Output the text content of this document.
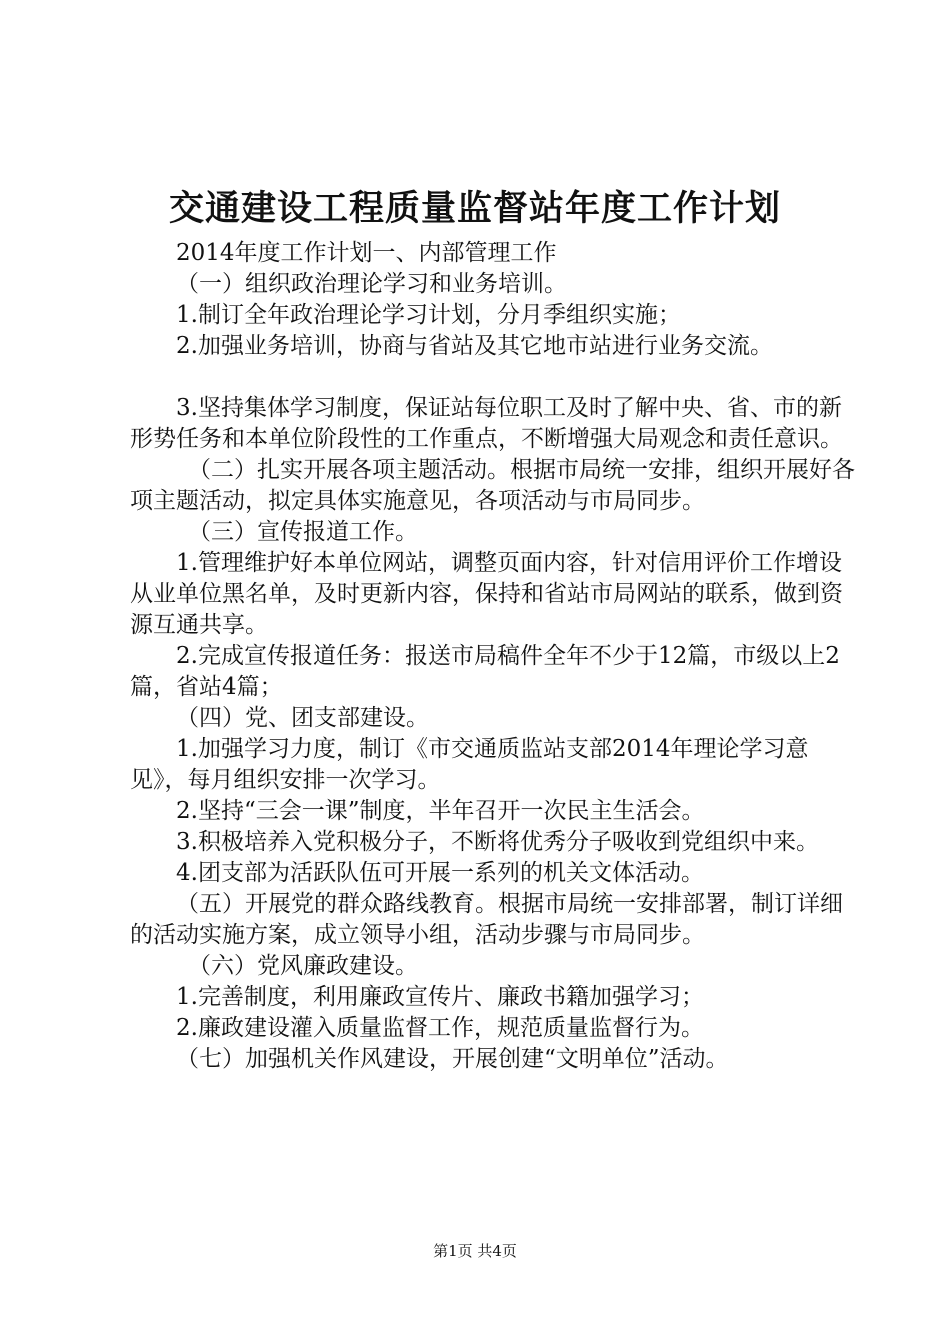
交通建设工程质量监督站年度工作计划

2014年度工作计划一、内部管理工作

（一）组织政治理论学习和业务培训。

1.制订全年政治理论学习计划，分月季组织实施；

2.加强业务培训，协商与省站及其它地市站进行业务交流。

3.坚持集体学习制度，保证站每位职工及时了解中央、省、市的新形势任务和本单位阶段性的工作重点，不断增强大局观念和责任意识。

（二）扎实开展各项主题活动。根据市局统一安排，组织开展好各项主题活动，拟定具体实施意见，各项活动与市局同步。

（三）宣传报道工作。

1.管理维护好本单位网站，调整页面内容，针对信用评价工作增设从业单位黑名单，及时更新内容，保持和省站市局网站的联系，做到资源互通共享。

2.完成宣传报道任务：报送市局稿件全年不少于12篇，市级以上2篇，省站4篇；

（四）党、团支部建设。

1.加强学习力度，制订《市交通质监站支部2014年理论学习意见》，每月组织安排一次学习。

2.坚持“三会一课”制度，半年召开一次民主生活会。

3.积极培养入党积极分子，不断将优秀分子吸收到党组织中来。

4.团支部为活跃队伍可开展一系列的机关文体活动。

（五）开展党的群众路线教育。根据市局统一安排部署，制订详细的活动实施方案，成立领导小组，活动步骤与市局同步。

（六）党风廉政建设。

1.完善制度，利用廉政宣传片、廉政书籍加强学习；

2.廉政建设灌入质量监督工作，规范质量监督行为。

（七）加强机关作风建设，开展创建“文明单位”活动。

第1页 共4页
